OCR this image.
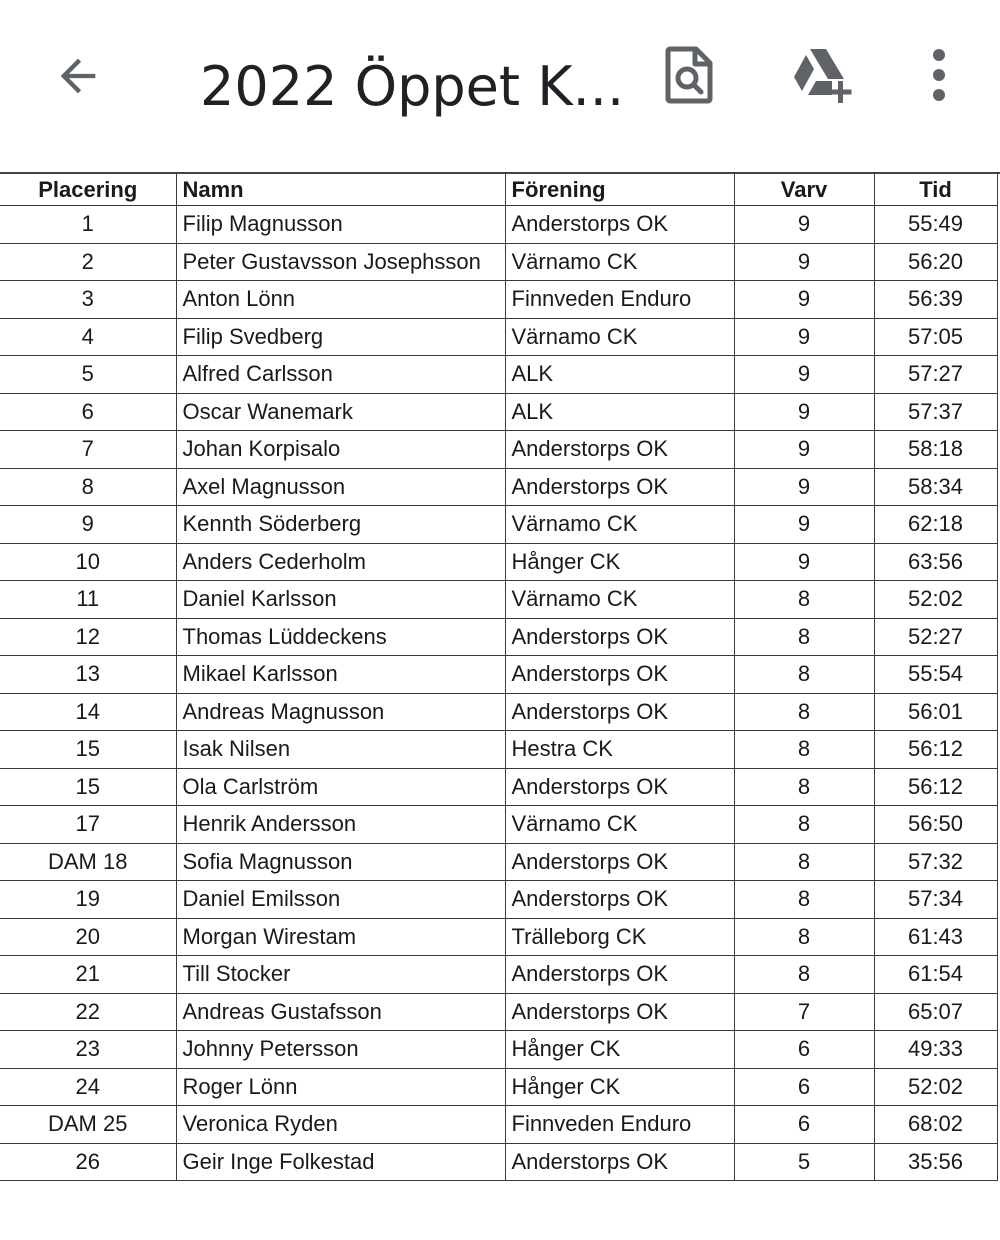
2022 Öppet K...
Placering	Namn	Förening	Varv	Tid
1	Filip Magnusson	Anderstorps OK	9	55:49
2	Peter Gustavsson Josephsson	Värnamo CK	9	56:20
3	Anton Lönn	Finnveden Enduro	9	56:39
4	Filip Svedberg	Värnamo CK	9	57:05
5	Alfred Carlsson	ALK	9	57:27
6	Oscar Wanemark	ALK	9	57:37
7	Johan Korpisalo	Anderstorps OK	9	58:18
8	Axel Magnusson	Anderstorps OK	9	58:34
9	Kennth Söderberg	Värnamo CK	9	62:18
10	Anders Cederholm	Hånger CK	9	63:56
11	Daniel Karlsson	Värnamo CK	8	52:02
12	Thomas Lüddeckens	Anderstorps OK	8	52:27
13	Mikael Karlsson	Anderstorps OK	8	55:54
14	Andreas Magnusson	Anderstorps OK	8	56:01
15	Isak Nilsen	Hestra CK	8	56:12
15	Ola Carlström	Anderstorps OK	8	56:12
17	Henrik Andersson	Värnamo CK	8	56:50
DAM 18	Sofia Magnusson	Anderstorps OK	8	57:32
19	Daniel Emilsson	Anderstorps OK	8	57:34
20	Morgan Wirestam	Trälleborg CK	8	61:43
21	Till Stocker	Anderstorps OK	8	61:54
22	Andreas Gustafsson	Anderstorps OK	7	65:07
23	Johnny Petersson	Hånger CK	6	49:33
24	Roger Lönn	Hånger CK	6	52:02
DAM 25	Veronica Ryden	Finnveden Enduro	6	68:02
26	Geir Inge Folkestad	Anderstorps OK	5	35:56
